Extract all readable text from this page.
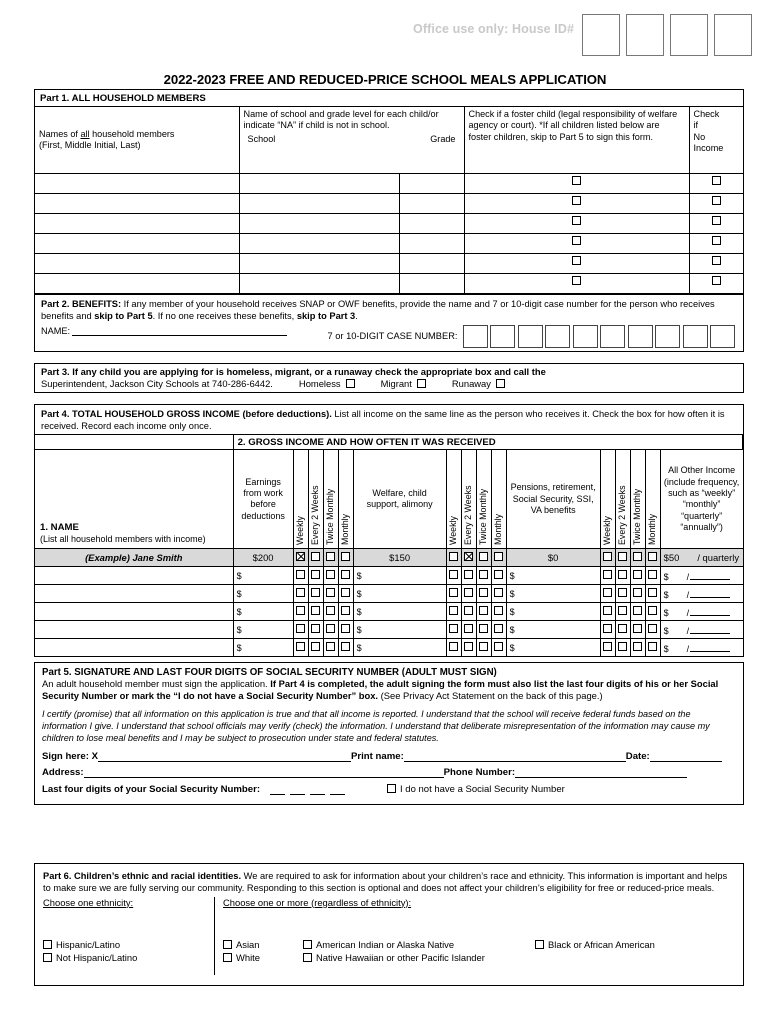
Office use only: House ID#
2022-2023 FREE AND REDUCED-PRICE SCHOOL MEALS APPLICATION
Part 1. ALL HOUSEHOLD MEMBERS
Names of all household members
(First, Middle Initial, Last)

Name of school and grade level for each child/or indicate “NA” if child is not in school.
School	Grade
	Check if a foster child (legal responsibility of welfare agency or court). *If all children listed below are foster children, skip to Part 5 to sign this form.	Check
if
No
Income

Part 2. BENEFITS: If any member of your household receives SNAP or OWF benefits, provide the name and 7 or 10-digit case number for the person who receives benefits and skip to Part 5. If no one receives these benefits, skip to Part 3.
NAME:
7 or 10-DIGIT CASE NUMBER:
Part 3. If any child you are applying for is homeless, migrant, or a runaway check the appropriate box and call the
Superintendent, Jackson City Schools at 740-286-6442.	Homeless	Migrant	Runaway
Part 4. TOTAL HOUSEHOLD GROSS INCOME (before deductions). List all income on the same line as the person who receives it. Check the box for how often it is received. Record each income only once.
	2. GROSS INCOME AND HOW OFTEN IT WAS RECEIVED															
1. NAME
(List all household members with income)	Earnings from work before deductions	Weekly	Every 2 Weeks	Twice Monthly	Monthly	Welfare, child support, alimony	Weekly	Every 2 Weeks	Twice Monthly	Monthly	Pensions, retirement, Social Security, SSI, VA benefits	Weekly	Every 2 Weeks	Twice Monthly	Monthly	All Other Income (include frequency, such as “weekly” “monthly” “quarterly” “annually”)
(Example) Jane Smith	$200					$150					$0					$50 / quarterly
	$					$					$					$ /
	$					$					$					$ /
	$					$					$					$ /
	$					$					$					$ /
	$					$					$					$ /
Part 5. SIGNATURE AND LAST FOUR DIGITS OF SOCIAL SECURITY NUMBER (ADULT MUST SIGN)
An adult household member must sign the application. If Part 4 is completed, the adult signing the form must also list the last four digits of his or her Social Security Number or mark the “I do not have a Social Security Number” box. (See Privacy Act Statement on the back of this page.)
I certify (promise) that all information on this application is true and that all income is reported. I understand that the school will receive federal funds based on the information I give. I understand that school officials may verify (check) the information. I understand that deliberate misrepresentation of the information may cause my children to lose meal benefits and I may be subject to prosecution under state and federal statutes.
Sign here: X	Print name:	Date:
Address:	Phone Number:
Last four digits of your Social Security Number:	I do not have a Social Security Number
Part 6. Children’s ethnic and racial identities. We are required to ask for information about your children’s race and ethnicity. This information is important and helps to make sure we are fully serving our community. Responding to this section is optional and does not affect your children’s eligibility for free or reduced-price meals.
Choose one ethnicity:
Hispanic/Latino
Not Hispanic/Latino
Choose one or more (regardless of ethnicity):
Asian
White
American Indian or Alaska Native
Native Hawaiian or other Pacific Islander
Black or African American
